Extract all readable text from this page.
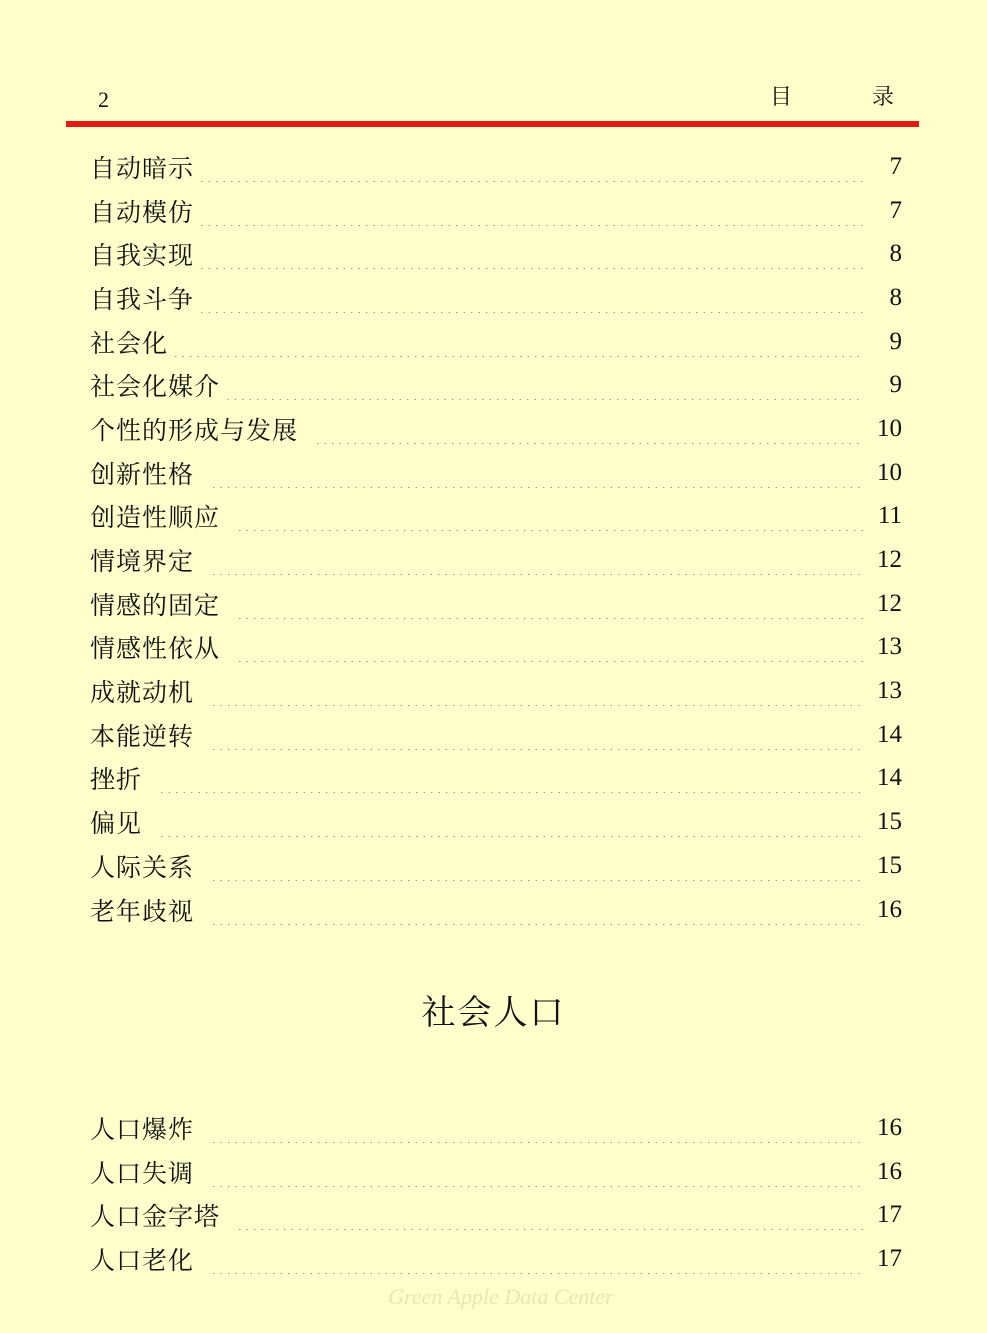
2	目	录
自动暗示	7
自动模仿	7
自我实现	8
自我斗争	8
社会化	9
社会化媒介	9
个性的形成与发展	10
创新性格	10
创造性顺应	11
情境界定	12
情感的固定	12
情感性依从	13
成就动机	13
本能逆转	14
挫折	14
偏见	15
人际关系	15
老年歧视	16
社会人口
人口爆炸	16
人口失调	16
人口金字塔	17
人口老化	17
Green Apple Data Center
